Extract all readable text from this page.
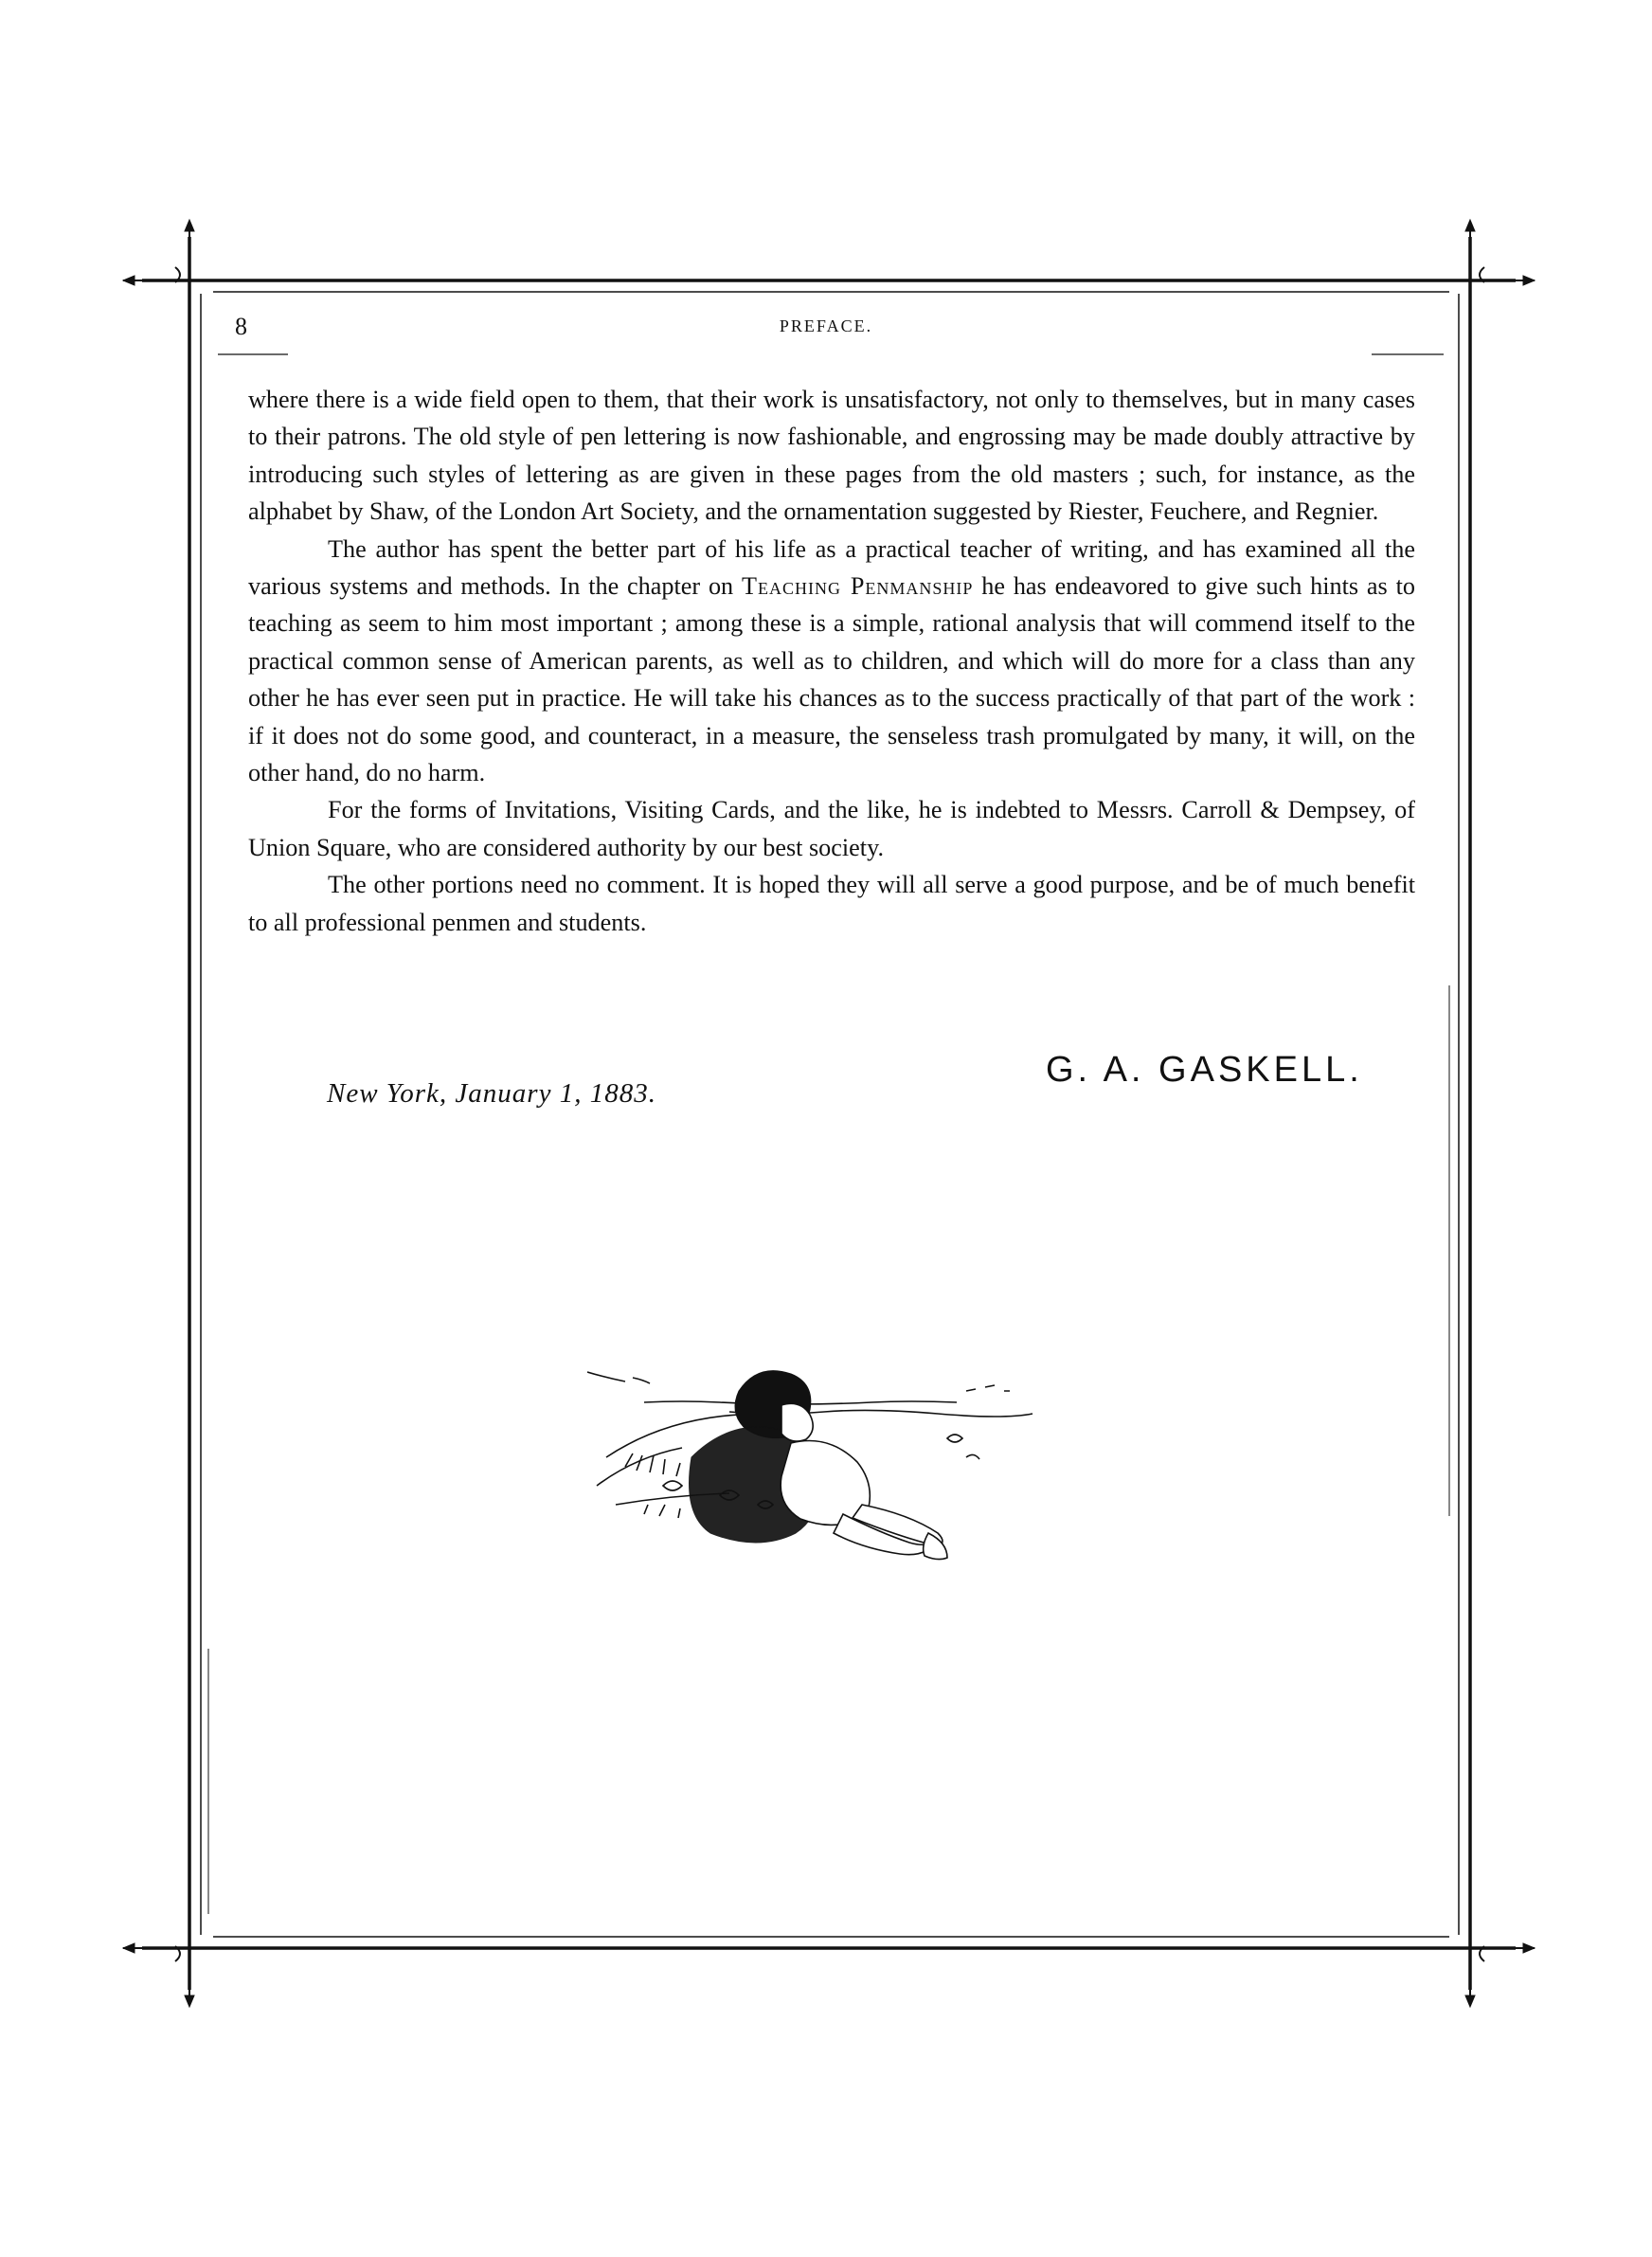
8	PREFACE.

where there is a wide field open to them, that their work is unsatisfactory, not only to themselves, but in many cases to their patrons. The old style of pen lettering is now fashionable, and engrossing may be made doubly attractive by introducing such styles of lettering as are given in these pages from the old masters ; such, for instance, as the alphabet by Shaw, of the London Art Society, and the ornamentation suggested by Riester, Feuchere, and Regnier.

The author has spent the better part of his life as a practical teacher of writing, and has examined all the various systems and methods. In the chapter on Teaching Penmanship he has endeavored to give such hints as to teaching as seem to him most important ; among these is a simple, rational analysis that will commend itself to the practical common sense of American parents, as well as to children, and which will do more for a class than any other he has ever seen put in practice. He will take his chances as to the success practically of that part of the work : if it does not do some good, and counteract, in a measure, the senseless trash promulgated by many, it will, on the other hand, do no harm.

For the forms of Invitations, Visiting Cards, and the like, he is indebted to Messrs. Carroll & Dempsey, of Union Square, who are considered authority by our best society.

The other portions need no comment. It is hoped they will all serve a good purpose, and be of much benefit to all professional penmen and students.

G. A. GASKELL.
New York, January 1, 1883.
